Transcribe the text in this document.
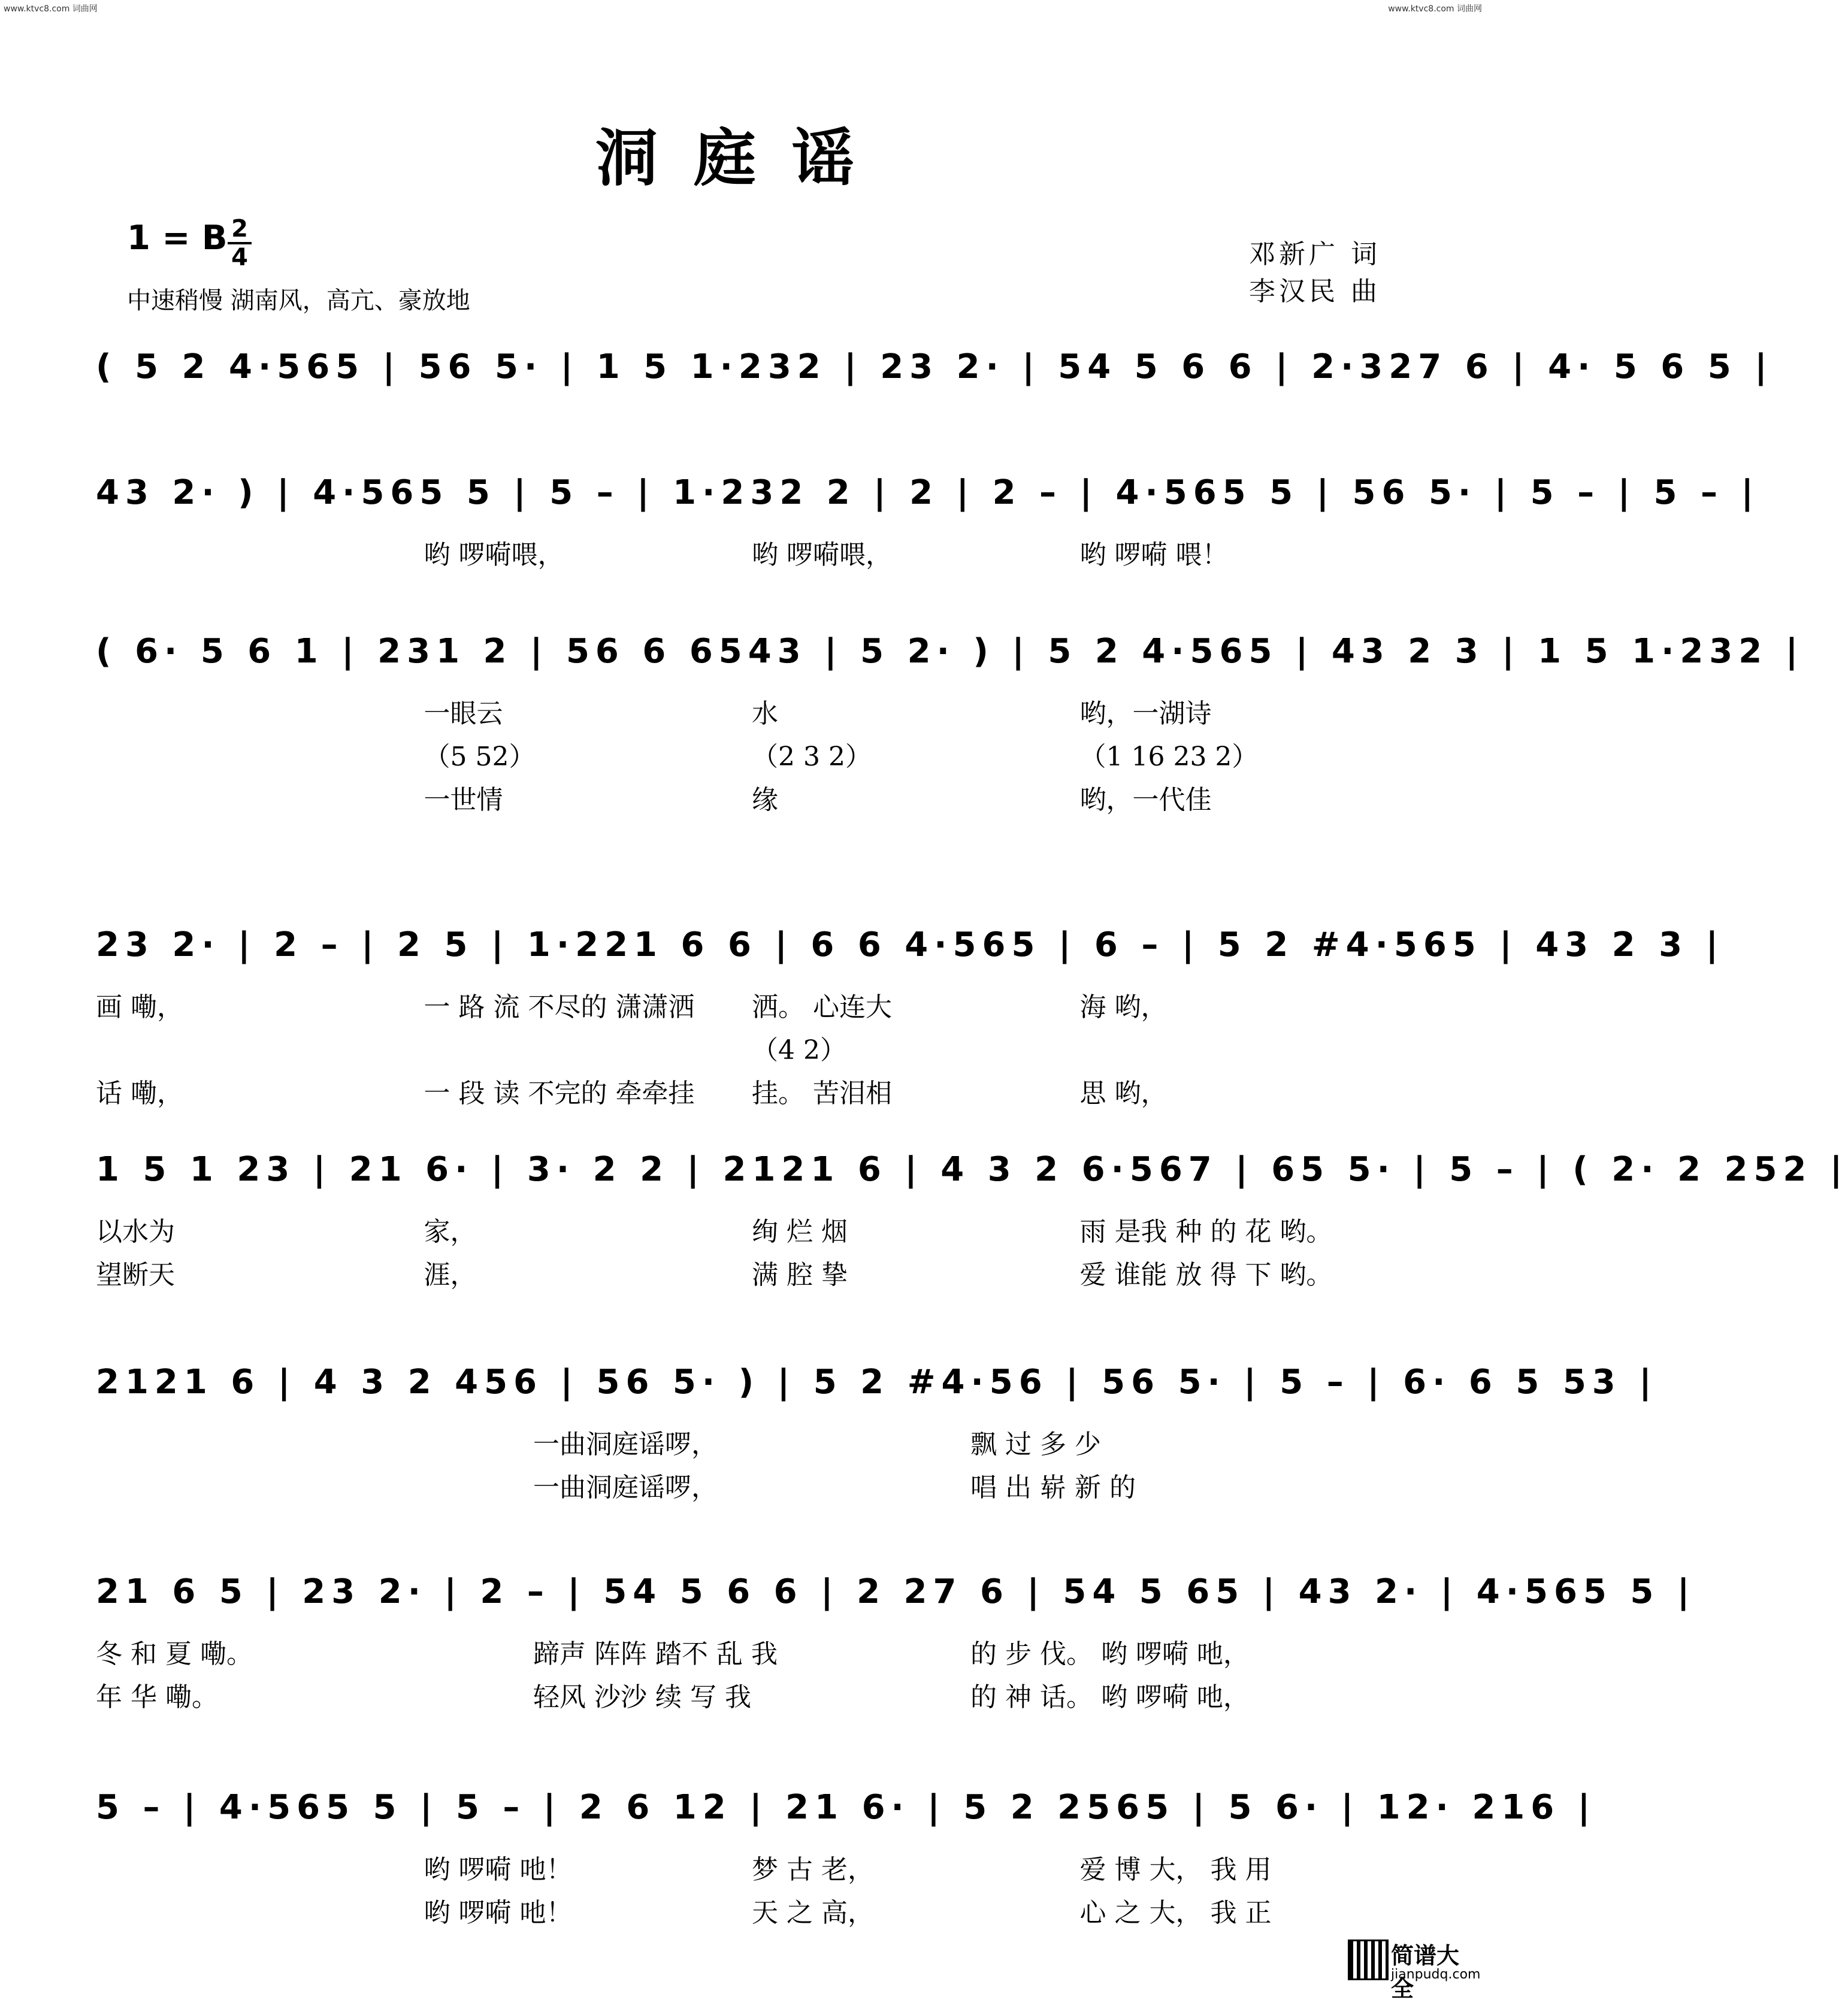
www.ktvc8.com 词曲网	www.ktvc8.com 词曲网
洞庭谣
1 = B 2
4
中速稍慢 湖南风，高亢、豪放地
邓新广 词
李汉民 曲
( 5 2 4·565 | 56 5· | 1 5 1·232 | 23 2· | 54 5 6 6 | 2·327 6 | 4· 5 6 5 |
43 2· ) | 4·565 5 | 5 – | 1·232 2 | 2 | 2 – | 4·565 5 | 56 5· | 5 – | 5 – |
哟 啰嗬喂，	哟 啰嗬喂，	哟 啰嗬 喂！
( 6· 5 6 1 | 231 2 | 56 6 6543 | 5 2· ) | 5 2 4·565 | 43 2 3 | 1 5 1·232 |
一眼云	水	哟，一湖诗
（5 52）	（2 3 2）	（1 16 23 2）
一世情	缘	哟，一代佳
23 2· | 2 – | 2 5 | 1·221 6 6 | 6 6 4·565 | 6 – | 5 2 #4·565 | 43 2 3 |
画 嘞，	一 路 流 不尽的 潇潇洒 洒。 心连大	海 哟，
（4 2）
话 嘞，	一 段 读 不完的 牵牵挂 挂。 苦泪相	思 哟，
1 5 1 23 | 21 6· | 3· 2 2 | 2121 6 | 4 3 2 6·567 | 65 5· | 5 – | ( 2· 2 252 |
以水为	家，	绚 烂 烟	雨 是我 种 的 花 哟。
望断天	涯，	满 腔 挚	爱 谁能 放 得 下 哟。
2121 6 | 4 3 2 456 | 56 5· ) | 5 2 #4·56 | 56 5· | 5 – | 6· 6 5 53 |
一曲洞庭谣啰，	飘 过 多 少
一曲洞庭谣啰，	唱 出 崭 新 的
21 6 5 | 23 2· | 2 – | 54 5 6 6 | 2 27 6 | 54 5 65 | 43 2· | 4·565 5 |
冬 和 夏 嘞。	蹄声 阵阵 踏不 乱 我	的 步 伐。 哟 啰嗬 吔，
年 华 嘞。	轻风 沙沙 续 写 我	的 神 话。 哟 啰嗬 吔，
5 – | 4·565 5 | 5 – | 2 6 12 | 21 6· | 5 2 2565 | 5 6· | 12· 216 |
哟 啰嗬 吔！	梦 古 老，	爱 博 大， 我 用
哟 啰嗬 吔！	天 之 高，	心 之 大， 我 正
简谱大全
jianpudq.com
